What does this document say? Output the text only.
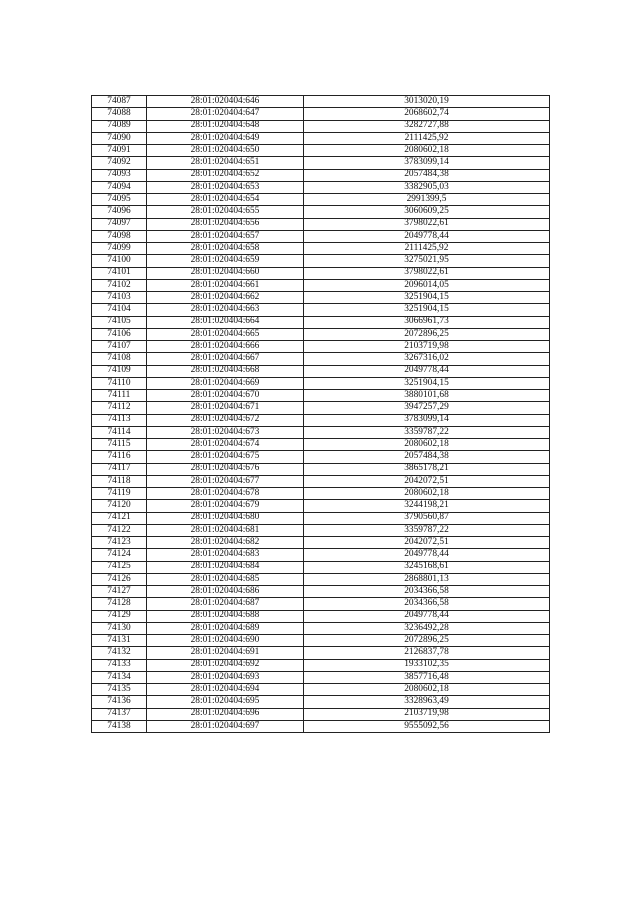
74087	28:01:020404:646	3013020,19
74088	28:01:020404:647	2068602,74
74089	28:01:020404:648	3282727,88
74090	28:01:020404:649	2111425,92
74091	28:01:020404:650	2080602,18
74092	28:01:020404:651	3783099,14
74093	28:01:020404:652	2057484,38
74094	28:01:020404:653	3382905,03
74095	28:01:020404:654	2991399,5
74096	28:01:020404:655	3060609,25
74097	28:01:020404:656	3798022,61
74098	28:01:020404:657	2049778,44
74099	28:01:020404:658	2111425,92
74100	28:01:020404:659	3275021,95
74101	28:01:020404:660	3798022,61
74102	28:01:020404:661	2096014,05
74103	28:01:020404:662	3251904,15
74104	28:01:020404:663	3251904,15
74105	28:01:020404:664	3066961,73
74106	28:01:020404:665	2072896,25
74107	28:01:020404:666	2103719,98
74108	28:01:020404:667	3267316,02
74109	28:01:020404:668	2049778,44
74110	28:01:020404:669	3251904,15
74111	28:01:020404:670	3880101,68
74112	28:01:020404:671	3947257,29
74113	28:01:020404:672	3783099,14
74114	28:01:020404:673	3359787,22
74115	28:01:020404:674	2080602,18
74116	28:01:020404:675	2057484,38
74117	28:01:020404:676	3865178,21
74118	28:01:020404:677	2042072,51
74119	28:01:020404:678	2080602,18
74120	28:01:020404:679	3244198,21
74121	28:01:020404:680	3790560,87
74122	28:01:020404:681	3359787,22
74123	28:01:020404:682	2042072,51
74124	28:01:020404:683	2049778,44
74125	28:01:020404:684	3245168,61
74126	28:01:020404:685	2868801,13
74127	28:01:020404:686	2034366,58
74128	28:01:020404:687	2034366,58
74129	28:01:020404:688	2049778,44
74130	28:01:020404:689	3236492,28
74131	28:01:020404:690	2072896,25
74132	28:01:020404:691	2126837,78
74133	28:01:020404:692	1933102,35
74134	28:01:020404:693	3857716,48
74135	28:01:020404:694	2080602,18
74136	28:01:020404:695	3328963,49
74137	28:01:020404:696	2103719,98
74138	28:01:020404:697	9555092,56
